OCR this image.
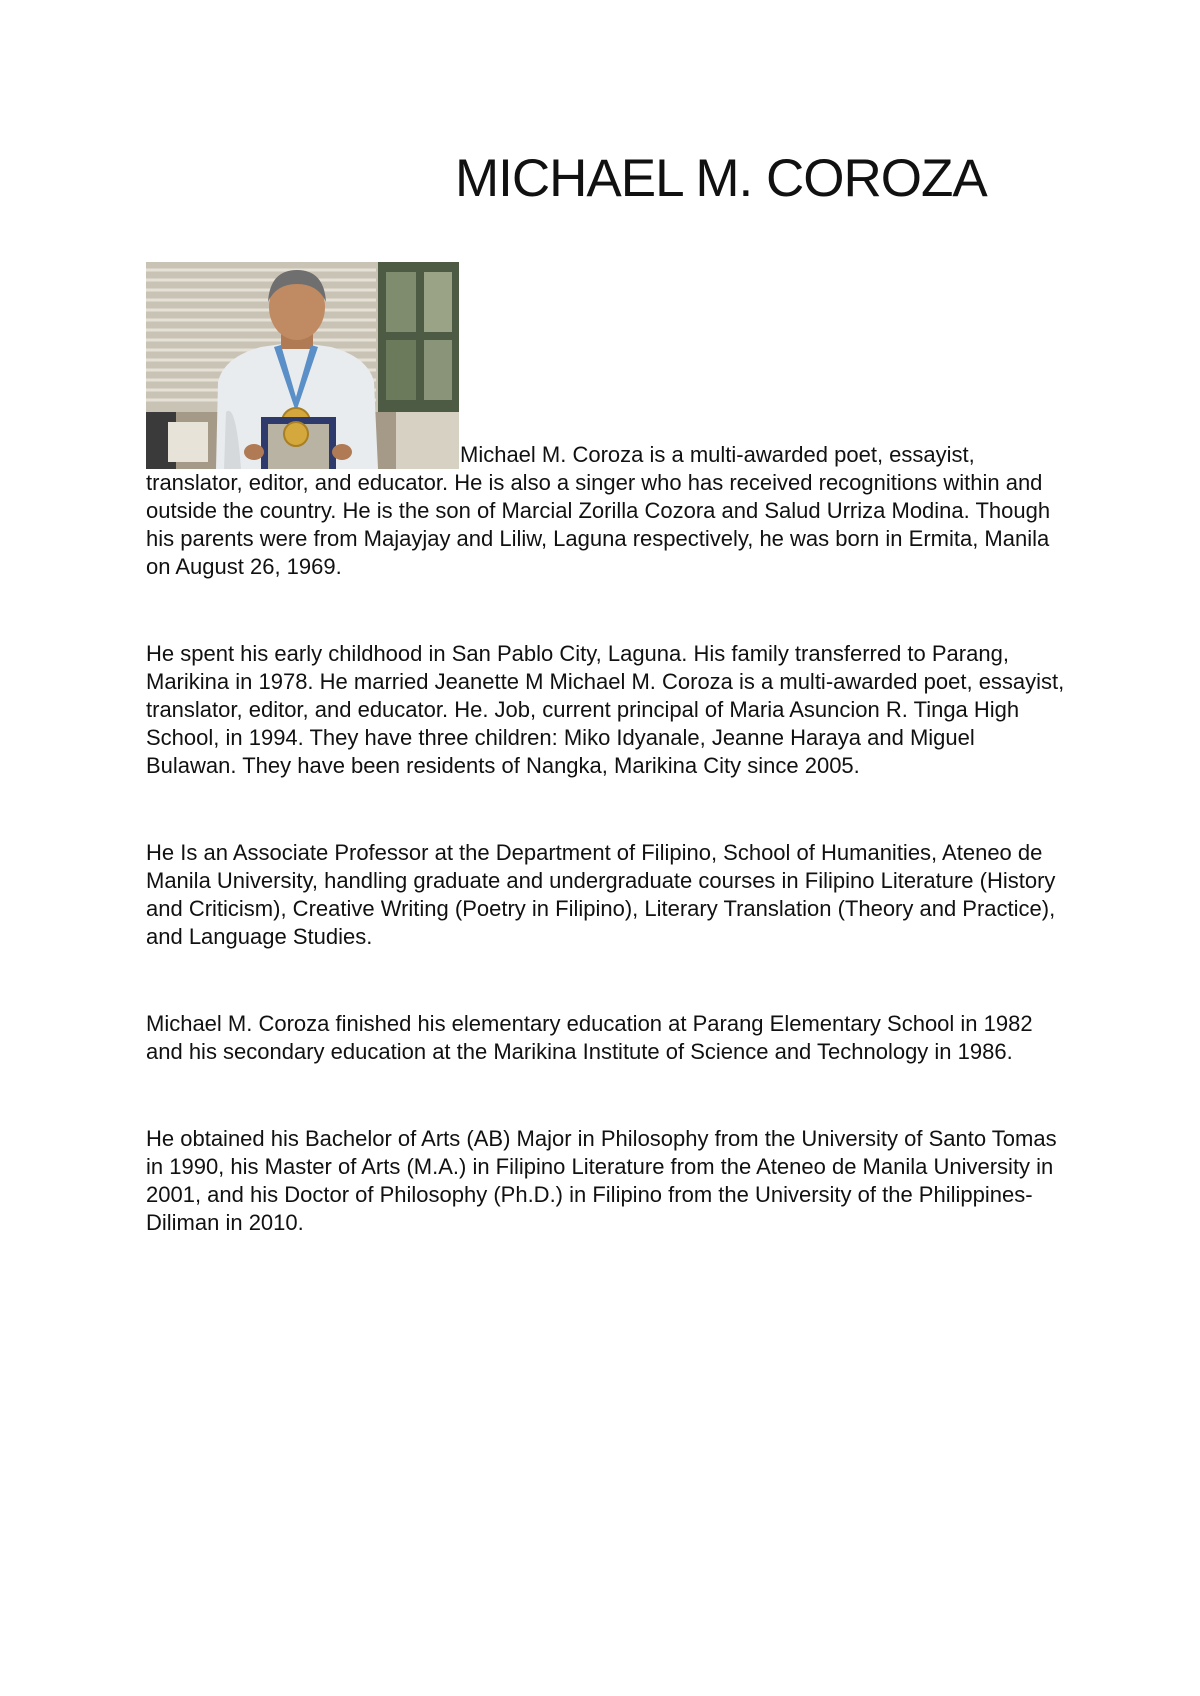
MICHAEL M. COROZA

Michael M. Coroza is a multi-awarded poet, essayist, translator, editor, and educator. He is also a singer who has received recognitions within and outside the country. He is the son of Marcial Zorilla Cozora and Salud Urriza Modina. Though his parents were from Majayjay and Liliw, Laguna respectively, he was born in Ermita, Manila on August 26, 1969.

He spent his early childhood in San Pablo City, Laguna. His family transferred to Parang, Marikina in 1978. He married Jeanette M Michael M. Coroza is a multi-awarded poet, essayist, translator, editor, and educator. He. Job, current principal of Maria Asuncion R. Tinga High School, in 1994. They have three children: Miko Idyanale, Jeanne Haraya and Miguel Bulawan. They have been residents of Nangka, Marikina City since 2005.

He Is an Associate Professor at the Department of Filipino, School of Humanities, Ateneo de Manila University, handling graduate and undergraduate courses in Filipino Literature (History and Criticism), Creative Writing (Poetry in Filipino), Literary Translation (Theory and Practice), and Language Studies.

Michael M. Coroza finished his elementary education at Parang Elementary School in 1982 and his secondary education at the Marikina Institute of Science and Technology in 1986.

He obtained his Bachelor of Arts (AB) Major in Philosophy from the University of Santo Tomas in 1990, his Master of Arts (M.A.) in Filipino Literature from the Ateneo de Manila University in 2001, and his Doctor of Philosophy (Ph.D.) in Filipino from the University of the Philippines-Diliman in 2010.
